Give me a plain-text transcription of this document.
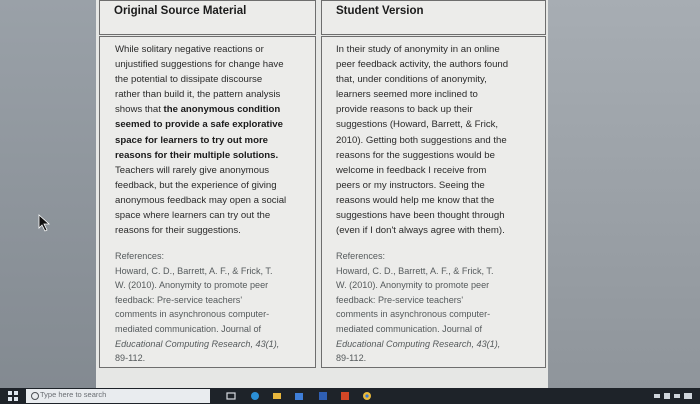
Original Source Material	Student Version

While solitary negative reactions or

unjustified suggestions for change have

the potential to dissipate discourse

rather than build it, the pattern analysis

shows that the anonymous condition

seemed to provide a safe explorative

space for learners to try out more

reasons for their multiple solutions.

Teachers will rarely give anonymous

feedback, but the experience of giving

anonymous feedback may open a social

space where learners can try out the

reasons for their suggestions.

In their study of anonymity in an online

peer feedback activity, the authors found

that, under conditions of anonymity,

learners seemed more inclined to

provide reasons to back up their

suggestions (Howard, Barrett, & Frick,

2010). Getting both suggestions and the

reasons for the suggestions would be

welcome in feedback I receive from

peers or my instructors. Seeing the

reasons would help me know that the

suggestions have been thought through

(even if I don't always agree with them).

References:

Howard, C. D., Barrett, A. F., & Frick, T.

W. (2010). Anonymity to promote peer

feedback: Pre-service teachers'

comments in asynchronous computer-

mediated communication. Journal of

Educational Computing Research, 43(1),

89-112.

References:

Howard, C. D., Barrett, A. F., & Frick, T.

W. (2010). Anonymity to promote peer

feedback: Pre-service teachers'

comments in asynchronous computer-

mediated communication. Journal of

Educational Computing Research, 43(1),

89-112.

Type here to search
